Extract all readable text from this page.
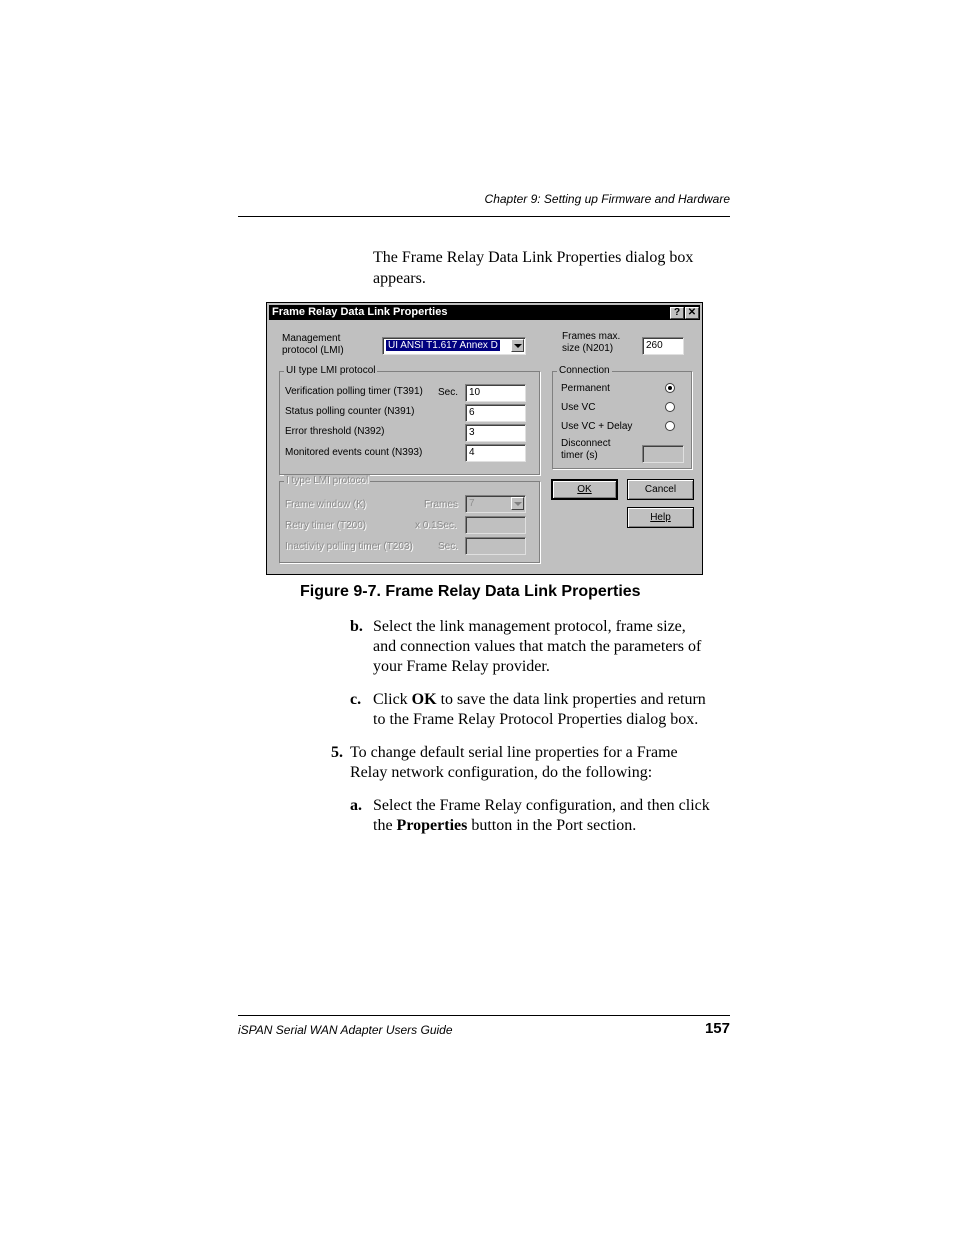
Chapter 9: Setting up Firmware and Hardware
The Frame Relay Data Link Properties dialog box appears.
Frame Relay Data Link Properties	? ✕
Management
protocol (LMI)	UI ANSI T1.617 Annex D
Frames max.
size (N201)	260
UI type LMI protocol
Verification polling timer (T391) Sec.	10
Status polling counter (N391)	6
Error threshold (N392)	3
Monitored events count (N393)	4
I type LMI protocol
Frame window (K)	Frames	7
Retry timer (T200)	x 0.1Sec.
Inactivity polling timer (T203)	Sec.
Connection
Permanent
Use VC
Use VC + Delay
Disconnect
timer (s)
OK	Cancel
Help
Figure 9-7. Frame Relay Data Link Properties
b. Select the link management protocol, frame size,
and connection values that match the parameters of
your Frame Relay provider.
c. Click OK to save the data link properties and return
to the Frame Relay Protocol Properties dialog box.
5. To change default serial line properties for a Frame
Relay network configuration, do the following:
a. Select the Frame Relay configuration, and then click
the Properties button in the Port section.
iSPAN Serial WAN Adapter Users Guide	157
